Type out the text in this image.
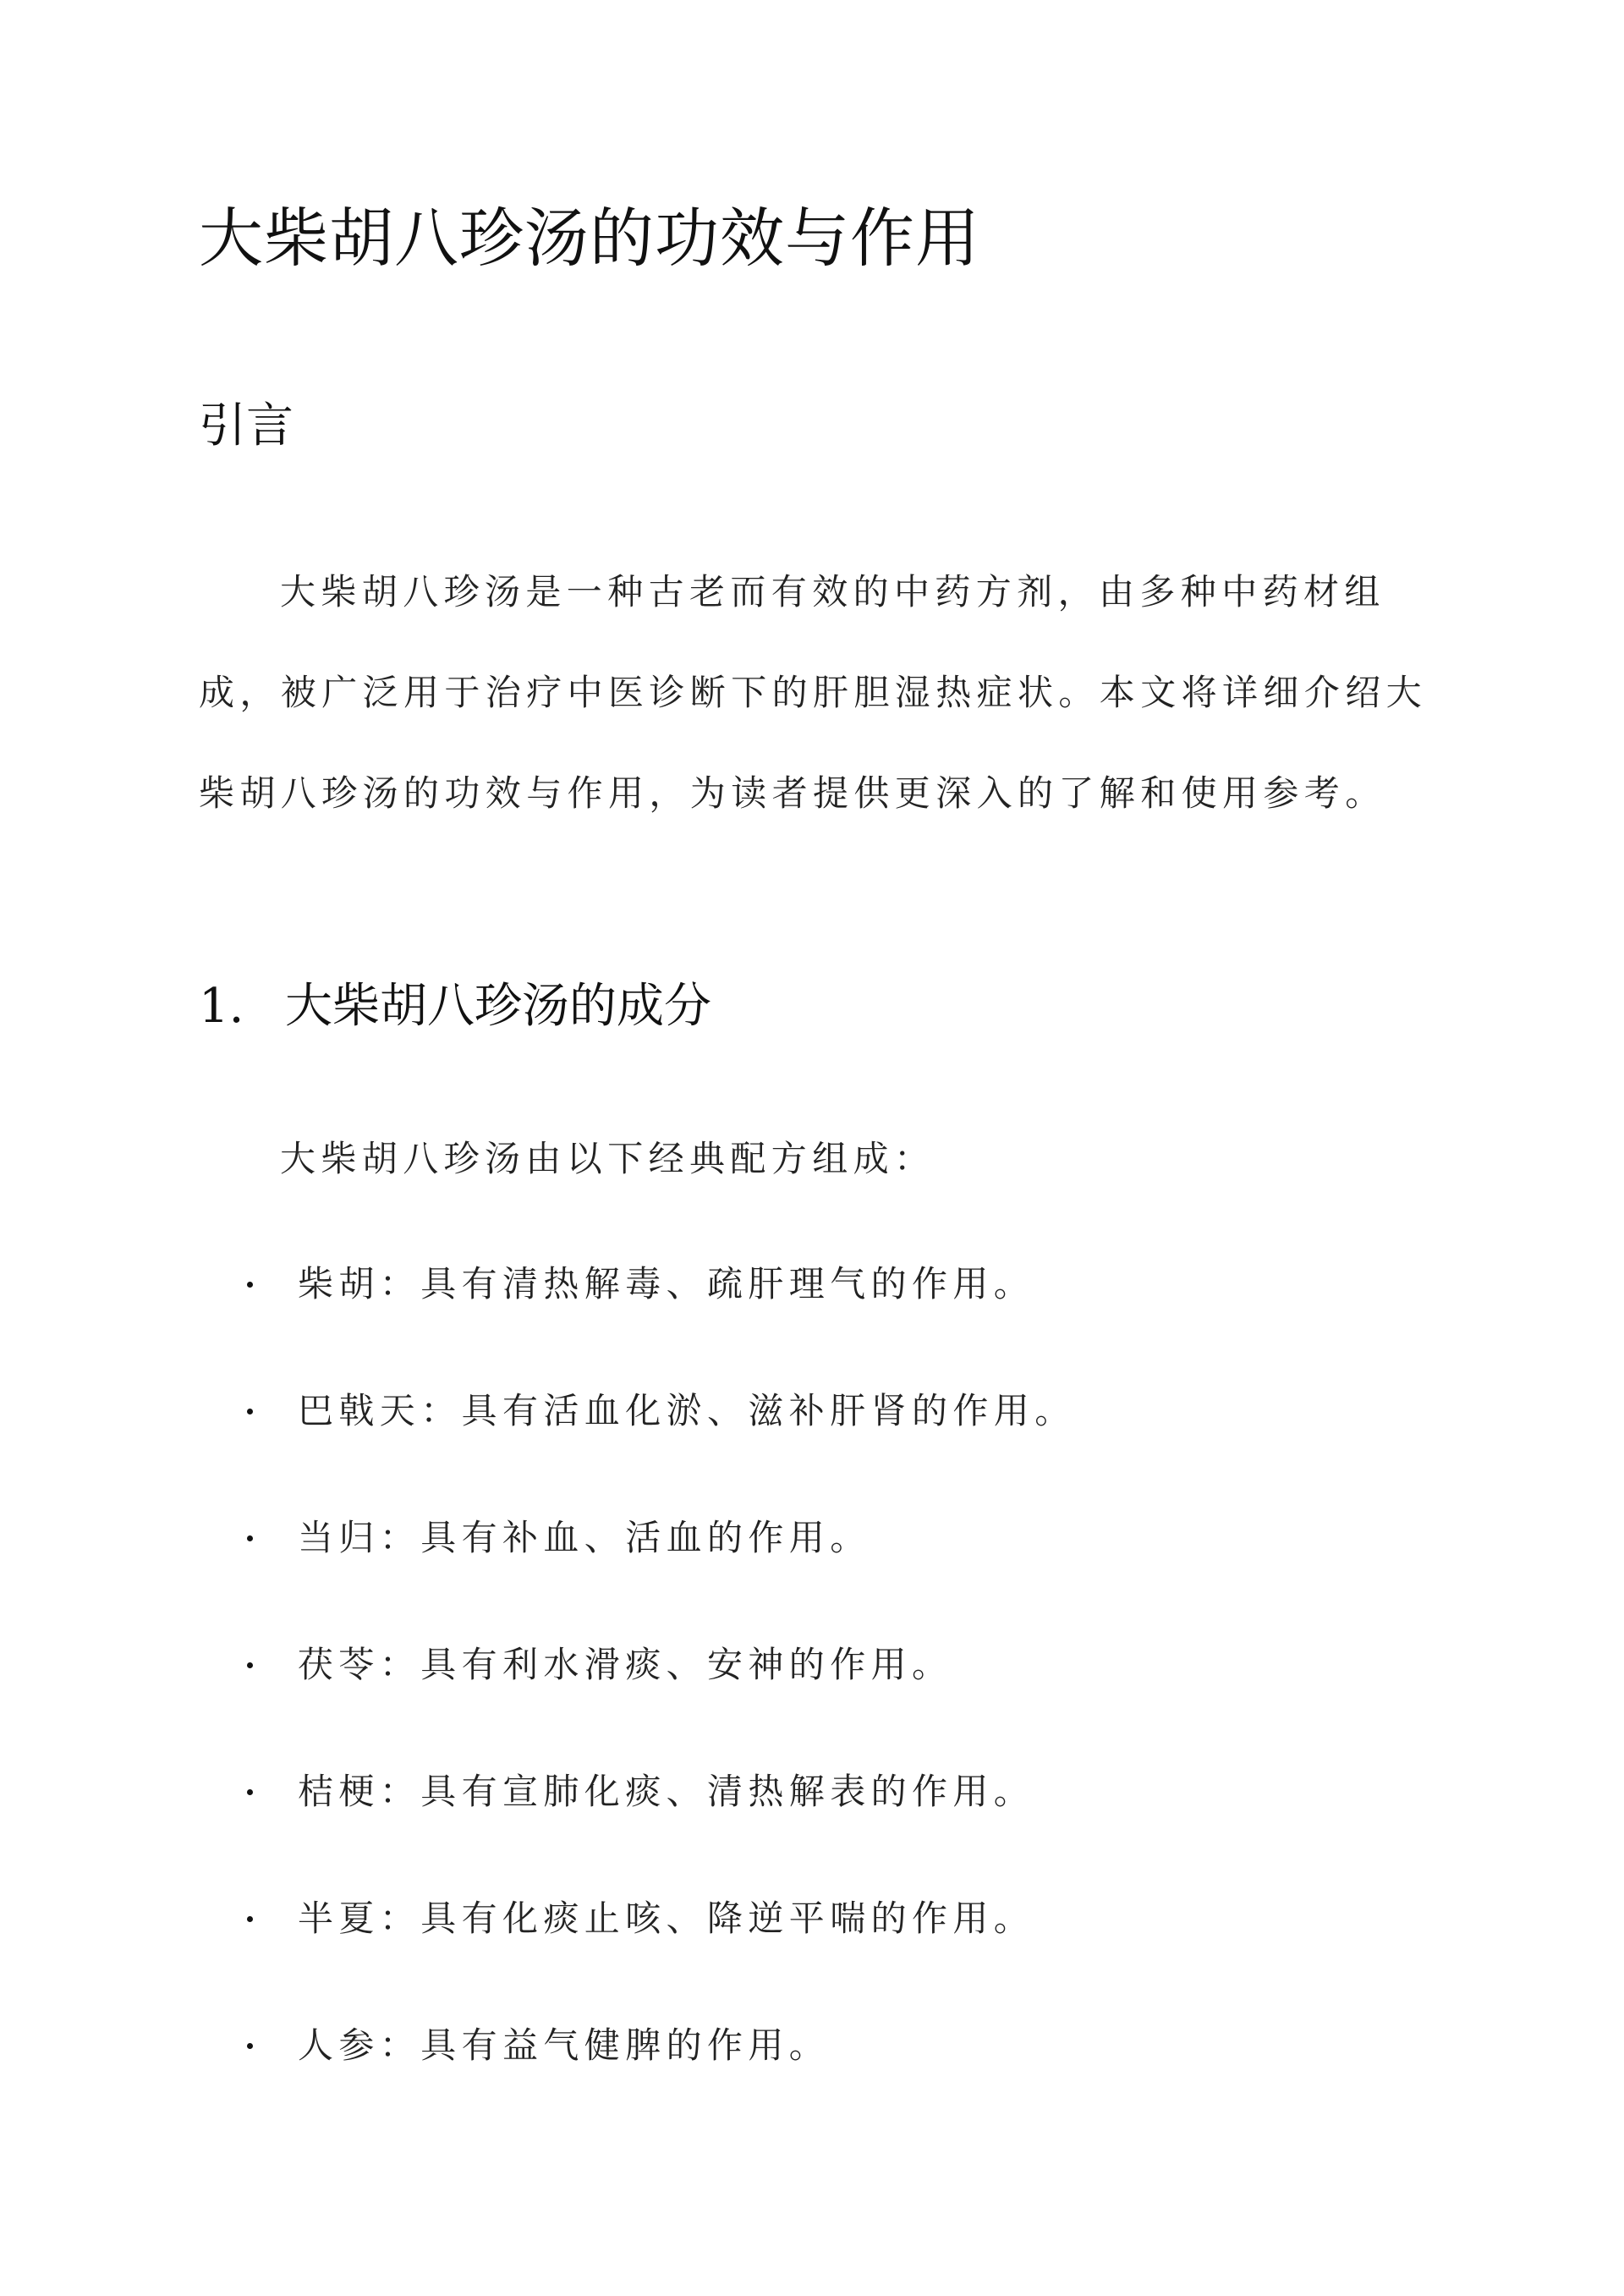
大柴胡八珍汤的功效与作用
引言

大柴胡八珍汤是一种古老而有效的中药方剂，由多种中药材组成，被广泛用于治疗中医诊断下的肝胆湿热症状。本文将详细介绍大柴胡八珍汤的功效与作用，为读者提供更深入的了解和使用参考。

1. 大柴胡八珍汤的成分

大柴胡八珍汤由以下经典配方组成：

柴胡：具有清热解毒、疏肝理气的作用。
巴戟天：具有活血化淤、滋补肝肾的作用。
当归：具有补血、活血的作用。
茯苓：具有利水滑痰、安神的作用。
桔梗：具有宣肺化痰、清热解表的作用。
半夏：具有化痰止咳、降逆平喘的作用。
人参：具有益气健脾的作用。
